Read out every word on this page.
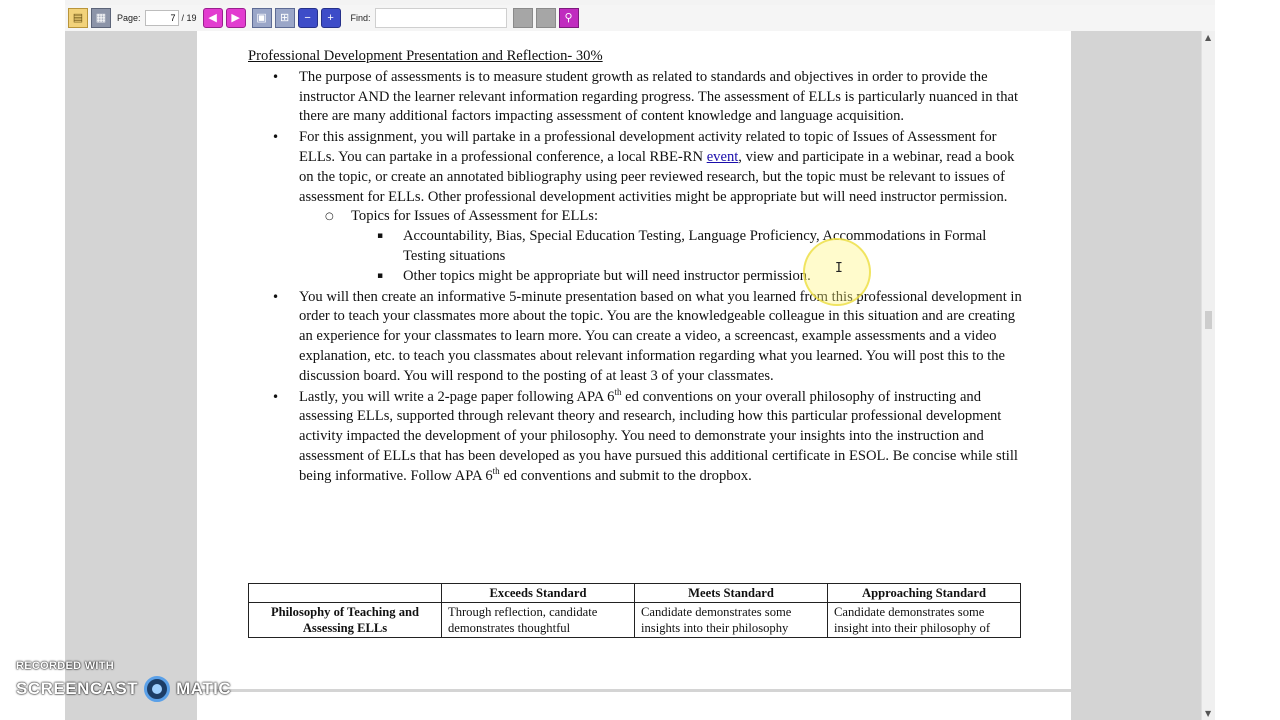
▤	▦	Page:
7	/ 19	◀	▶	▣	⊞	−	+	Find:	⚲
Professional Development Presentation and Reflection- 30%
• The purpose of assessments is to measure student growth as related to standards and objectives in order to provide the instructor AND the learner relevant information regarding progress. The assessment of ELLs is particularly nuanced in that there are many additional factors impacting assessment of content knowledge and language acquisition.
• For this assignment, you will partake in a professional development activity related to topic of Issues of Assessment for ELLs. You can partake in a professional conference, a local RBE-RN event, view and participate in a webinar, read a book on the topic, or create an annotated bibliography using peer reviewed research, but the topic must be relevant to issues of assessment for ELLs. Other professional development activities might be appropriate but will need instructor permission.
○ Topics for Issues of Assessment for ELLs:
▪ Accountability, Bias, Special Education Testing, Language Proficiency, Accommodations in Formal Testing situations
▪ Other topics might be appropriate but will need instructor permission.
• You will then create an informative 5-minute presentation based on what you learned from this professional development in order to teach your classmates more about the topic. You are the knowledgeable colleague in this situation and are creating an experience for your classmates to learn more. You can create a video, a screencast, example assessments and a video explanation, etc. to teach you classmates about relevant information regarding what you learned. You will post this to the discussion board. You will respond to the posting of at least 3 of your classmates.
• Lastly, you will write a 2-page paper following APA 6th ed conventions on your overall philosophy of instructing and assessing ELLs, supported through relevant theory and research, including how this particular professional development activity impacted the development of your philosophy. You need to demonstrate your insights into the instruction and assessment of ELLs that has been developed as you have pursued this additional certificate in ESOL. Be concise while still being informative. Follow APA 6th ed conventions and submit to the dropbox.
	Exceeds Standard	Meets Standard	Approaching Standard
Philosophy of Teaching and Assessing ELLs	Through reflection, candidate demonstrates thoughtful	Candidate demonstrates some insights into their philosophy	Candidate demonstrates some insight into their philosophy of
I
▲
▼
RECORDED WITH
SCREENCAST MATIC
